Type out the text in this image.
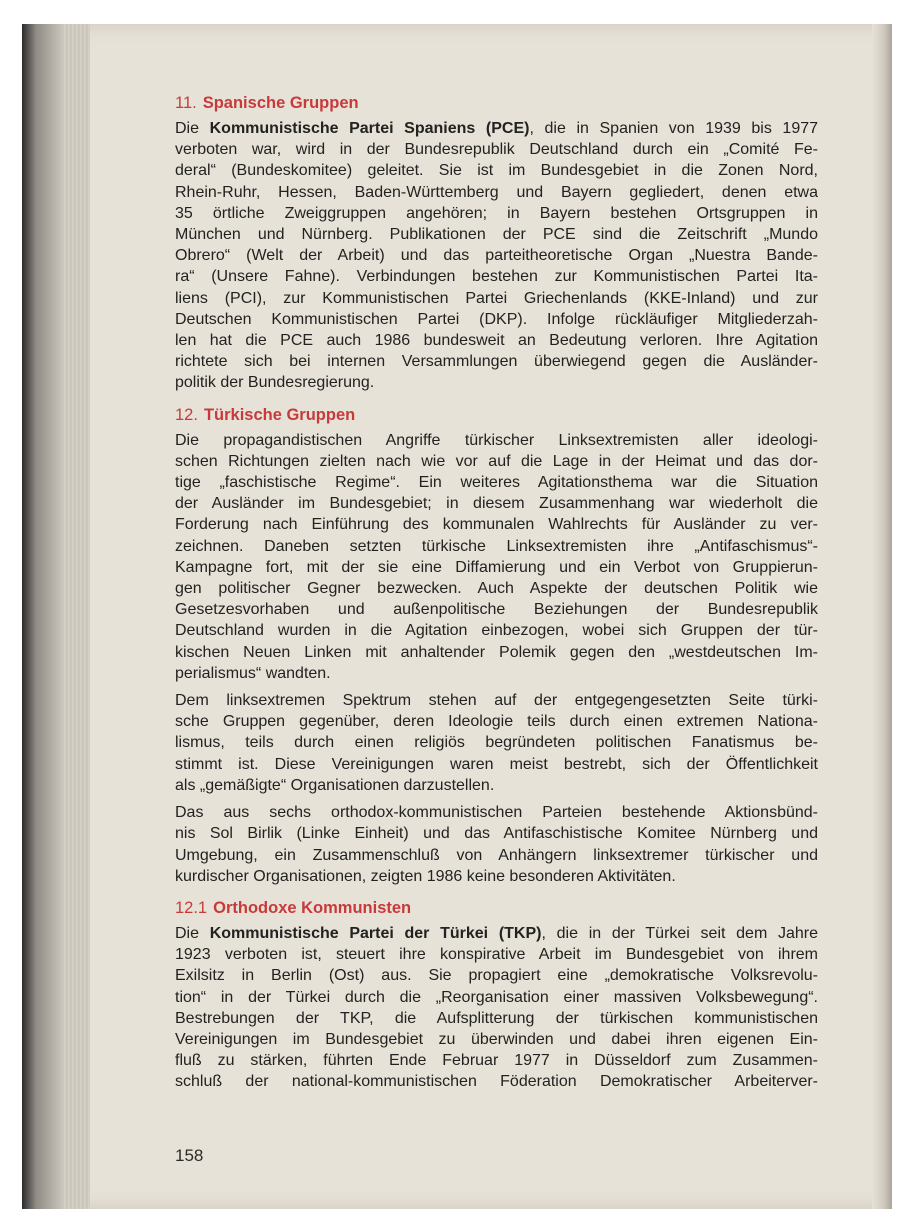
11. Spanische Gruppen
Die Kommunistische Partei Spaniens (PCE), die in Spanien von 1939 bis 1977
verboten war, wird in der Bundesrepublik Deutschland durch ein „Comité Fe-
deral“ (Bundeskomitee) geleitet. Sie ist im Bundesgebiet in die Zonen Nord,
Rhein-Ruhr, Hessen, Baden-Württemberg und Bayern gegliedert, denen etwa
35 örtliche Zweiggruppen angehören; in Bayern bestehen Ortsgruppen in
München und Nürnberg. Publikationen der PCE sind die Zeitschrift „Mundo
Obrero“ (Welt der Arbeit) und das parteitheoretische Organ „Nuestra Bande-
ra“ (Unsere Fahne). Verbindungen bestehen zur Kommunistischen Partei Ita-
liens (PCI), zur Kommunistischen Partei Griechenlands (KKE-Inland) und zur
Deutschen Kommunistischen Partei (DKP). Infolge rückläufiger Mitgliederzah-
len hat die PCE auch 1986 bundesweit an Bedeutung verloren. Ihre Agitation
richtete sich bei internen Versammlungen überwiegend gegen die Ausländer-
politik der Bundesregierung.
12. Türkische Gruppen
Die propagandistischen Angriffe türkischer Linksextremisten aller ideologi-
schen Richtungen zielten nach wie vor auf die Lage in der Heimat und das dor-
tige „faschistische Regime“. Ein weiteres Agitationsthema war die Situation
der Ausländer im Bundesgebiet; in diesem Zusammenhang war wiederholt die
Forderung nach Einführung des kommunalen Wahlrechts für Ausländer zu ver-
zeichnen. Daneben setzten türkische Linksextremisten ihre „Antifaschismus“-
Kampagne fort, mit der sie eine Diffamierung und ein Verbot von Gruppierun-
gen politischer Gegner bezwecken. Auch Aspekte der deutschen Politik wie
Gesetzesvorhaben und außenpolitische Beziehungen der Bundesrepublik
Deutschland wurden in die Agitation einbezogen, wobei sich Gruppen der tür-
kischen Neuen Linken mit anhaltender Polemik gegen den „westdeutschen Im-
perialismus“ wandten.
Dem linksextremen Spektrum stehen auf der entgegengesetzten Seite türki-
sche Gruppen gegenüber, deren Ideologie teils durch einen extremen Nationa-
lismus, teils durch einen religiös begründeten politischen Fanatismus be-
stimmt ist. Diese Vereinigungen waren meist bestrebt, sich der Öffentlichkeit
als „gemäßigte“ Organisationen darzustellen.
Das aus sechs orthodox-kommunistischen Parteien bestehende Aktionsbünd-
nis Sol Birlik (Linke Einheit) und das Antifaschistische Komitee Nürnberg und
Umgebung, ein Zusammenschluß von Anhängern linksextremer türkischer und
kurdischer Organisationen, zeigten 1986 keine besonderen Aktivitäten.
12.1 Orthodoxe Kommunisten
Die Kommunistische Partei der Türkei (TKP), die in der Türkei seit dem Jahre
1923 verboten ist, steuert ihre konspirative Arbeit im Bundesgebiet von ihrem
Exilsitz in Berlin (Ost) aus. Sie propagiert eine „demokratische Volksrevolu-
tion“ in der Türkei durch die „Reorganisation einer massiven Volksbewegung“.
Bestrebungen der TKP, die Aufsplitterung der türkischen kommunistischen
Vereinigungen im Bundesgebiet zu überwinden und dabei ihren eigenen Ein-
fluß zu stärken, führten Ende Februar 1977 in Düsseldorf zum Zusammen-
schluß der national-kommunistischen Föderation Demokratischer Arbeiterver-
158
